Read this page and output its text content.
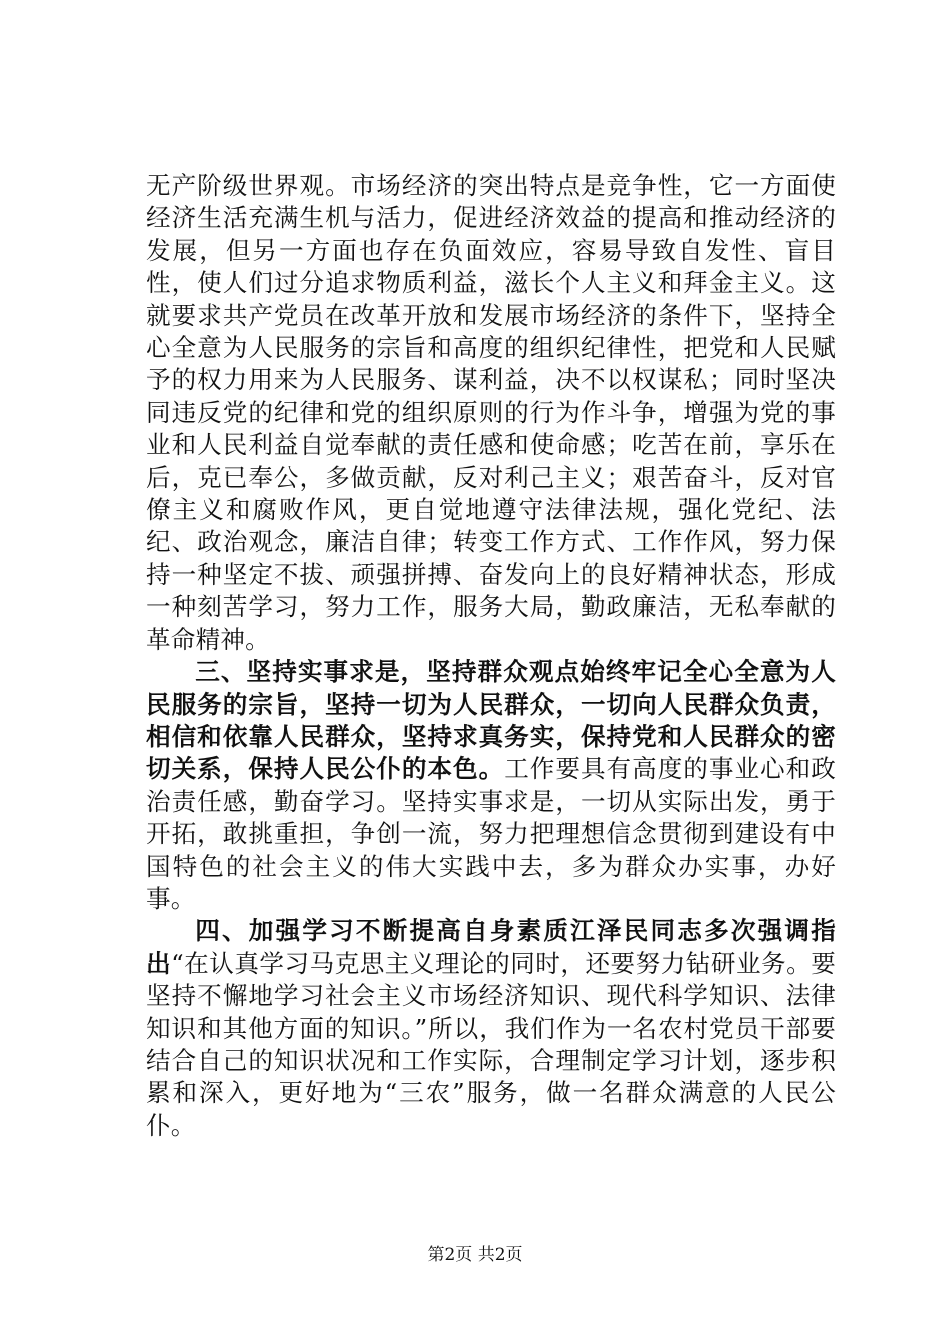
无产阶级世界观。市场经济的突出特点是竞争性，它一方面使经济生活充满生机与活力，促进经济效益的提高和推动经济的发展，但另一方面也存在负面效应，容易导致自发性、盲目性，使人们过分追求物质利益，滋长个人主义和拜金主义。这就要求共产党员在改革开放和发展市场经济的条件下，坚持全心全意为人民服务的宗旨和高度的组织纪律性，把党和人民赋予的权力用来为人民服务、谋利益，决不以权谋私；同时坚决同违反党的纪律和党的组织原则的行为作斗争，增强为党的事业和人民利益自觉奉献的责任感和使命感；吃苦在前，享乐在后，克已奉公，多做贡献，反对利己主义；艰苦奋斗，反对官僚主义和腐败作风，更自觉地遵守法律法规，强化党纪、法纪、政治观念，廉洁自律；转变工作方式、工作作风，努力保持一种坚定不拔、顽强拼搏、奋发向上的良好精神状态，形成一种刻苦学习，努力工作，服务大局，勤政廉洁，无私奉献的革命精神。

三、坚持实事求是，坚持群众观点始终牢记全心全意为人民服务的宗旨，坚持一切为人民群众，一切向人民群众负责，相信和依靠人民群众，坚持求真务实，保持党和人民群众的密切关系，保持人民公仆的本色。工作要具有高度的事业心和政治责任感，勤奋学习。坚持实事求是，一切从实际出发，勇于开拓，敢挑重担，争创一流，努力把理想信念贯彻到建设有中国特色的社会主义的伟大实践中去，多为群众办实事，办好事。

四、加强学习不断提高自身素质江泽民同志多次强调指出“在认真学习马克思主义理论的同时，还要努力钻研业务。要坚持不懈地学习社会主义市场经济知识、现代科学知识、法律知识和其他方面的知识。”所以，我们作为一名农村党员干部要结合自己的知识状况和工作实际，合理制定学习计划，逐步积累和深入，更好地为“三农”服务，做一名群众满意的人民公仆。

第2页 共2页
